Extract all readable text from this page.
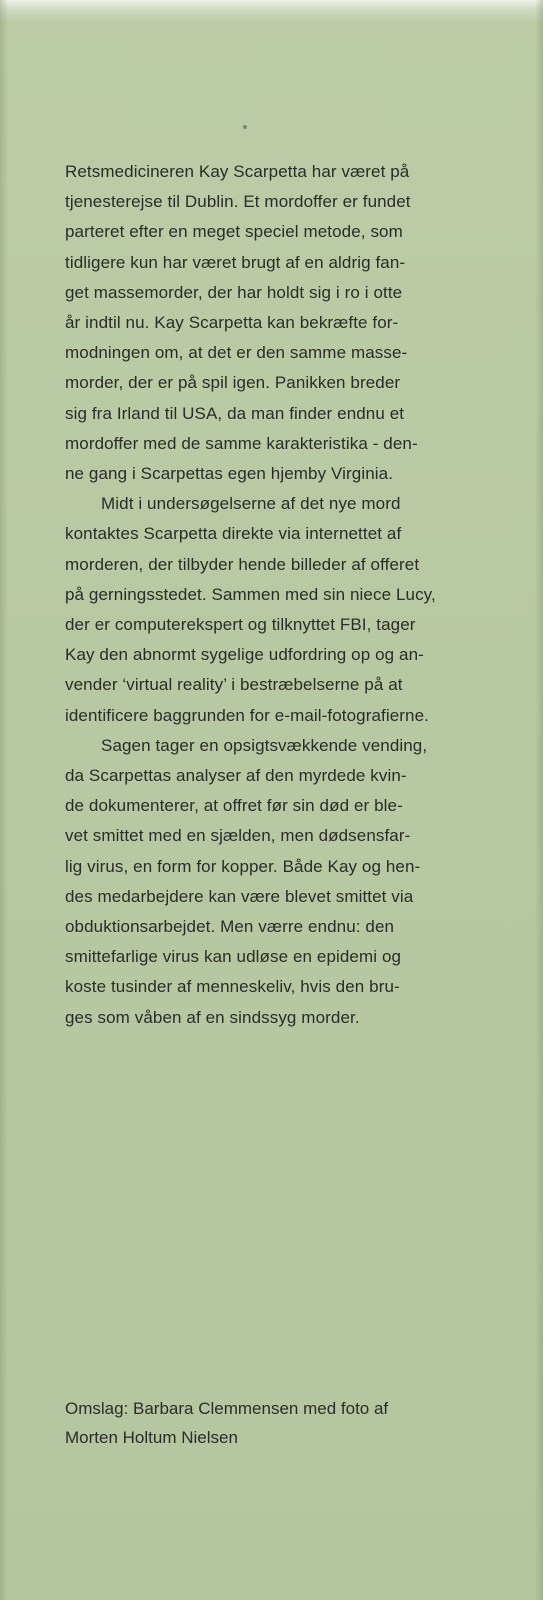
Retsmedicineren Kay Scarpetta har været på
tjenesterejse til Dublin. Et mordoffer er fundet
parteret efter en meget speciel metode, som
tidligere kun har været brugt af en aldrig fan-
get massemorder, der har holdt sig i ro i otte
år indtil nu. Kay Scarpetta kan bekræfte for-
modningen om, at det er den samme masse-
morder, der er på spil igen. Panikken breder
sig fra Irland til USA, da man finder endnu et
mordoffer med de samme karakteristika - den-
ne gang i Scarpettas egen hjemby Virginia.

Midt i undersøgelserne af det nye mord
kontaktes Scarpetta direkte via internettet af
morderen, der tilbyder hende billeder af offeret
på gerningsstedet. Sammen med sin niece Lucy,
der er computerekspert og tilknyttet FBI, tager
Kay den abnormt sygelige udfordring op og an-
vender ‘virtual reality’ i bestræbelserne på at
identificere baggrunden for e-mail-fotografierne.

Sagen tager en opsigtsvækkende vending,
da Scarpettas analyser af den myrdede kvin-
de dokumenterer, at offret før sin død er ble-
vet smittet med en sjælden, men dødsensfar-
lig virus, en form for kopper. Både Kay og hen-
des medarbejdere kan være blevet smittet via
obduktionsarbejdet. Men værre endnu: den
smittefarlige virus kan udløse en epidemi og
koste tusinder af menneskeliv, hvis den bru-
ges som våben af en sindssyg morder.

Omslag: Barbara Clemmensen med foto af
Morten Holtum Nielsen
